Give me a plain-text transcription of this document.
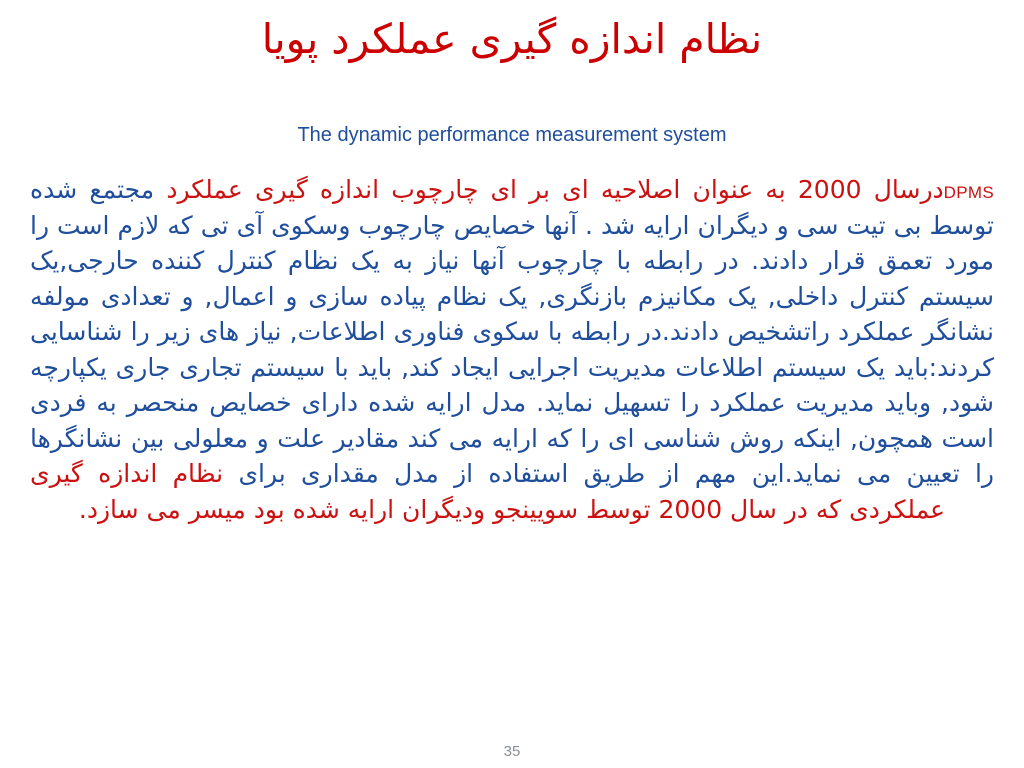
نظام اندازه گیری عملکرد پویا
The dynamic performance measurement system

DPMSدرسال 2000 به عنوان اصلاحیه ای بر ای چارچوب اندازه گیری عملکرد مجتمع شده توسط بی تیت سی و دیگران ارایه شد . آنها خصایص چارچوب وسکوی آی تی که لازم است را مورد تعمق قرار دادند. در رابطه با چارچوب آنها نیاز به یک نظام کنترل کننده حارجی,یک سیستم کنترل داخلی, یک مکانیزم بازنگری, یک نظام پیاده سازی و اعمال, و تعدادی مولفه نشانگر عملکرد راتشخیص دادند.در رابطه با سکوی فناوری اطلاعات, نیاز های زیر را شناسایی کردند:باید یک سیستم اطلاعات مدیریت اجرایی ایجاد کند, باید با سیستم تجاری جاری یکپارچه شود, وباید مدیریت عملکرد را تسهیل نماید. مدل ارایه شده دارای خصایص منحصر به فردی است همچون, اینکه روش شناسی ای را که ارایه می کند مقادیر علت و معلولی بین نشانگرها را تعیین می نماید.این مهم از طریق استفاده از مدل مقداری برای نظام اندازه گیری عملکردی که در سال 2000 توسط سویینجو ودیگران ارایه شده بود میسر می سازد.

35
